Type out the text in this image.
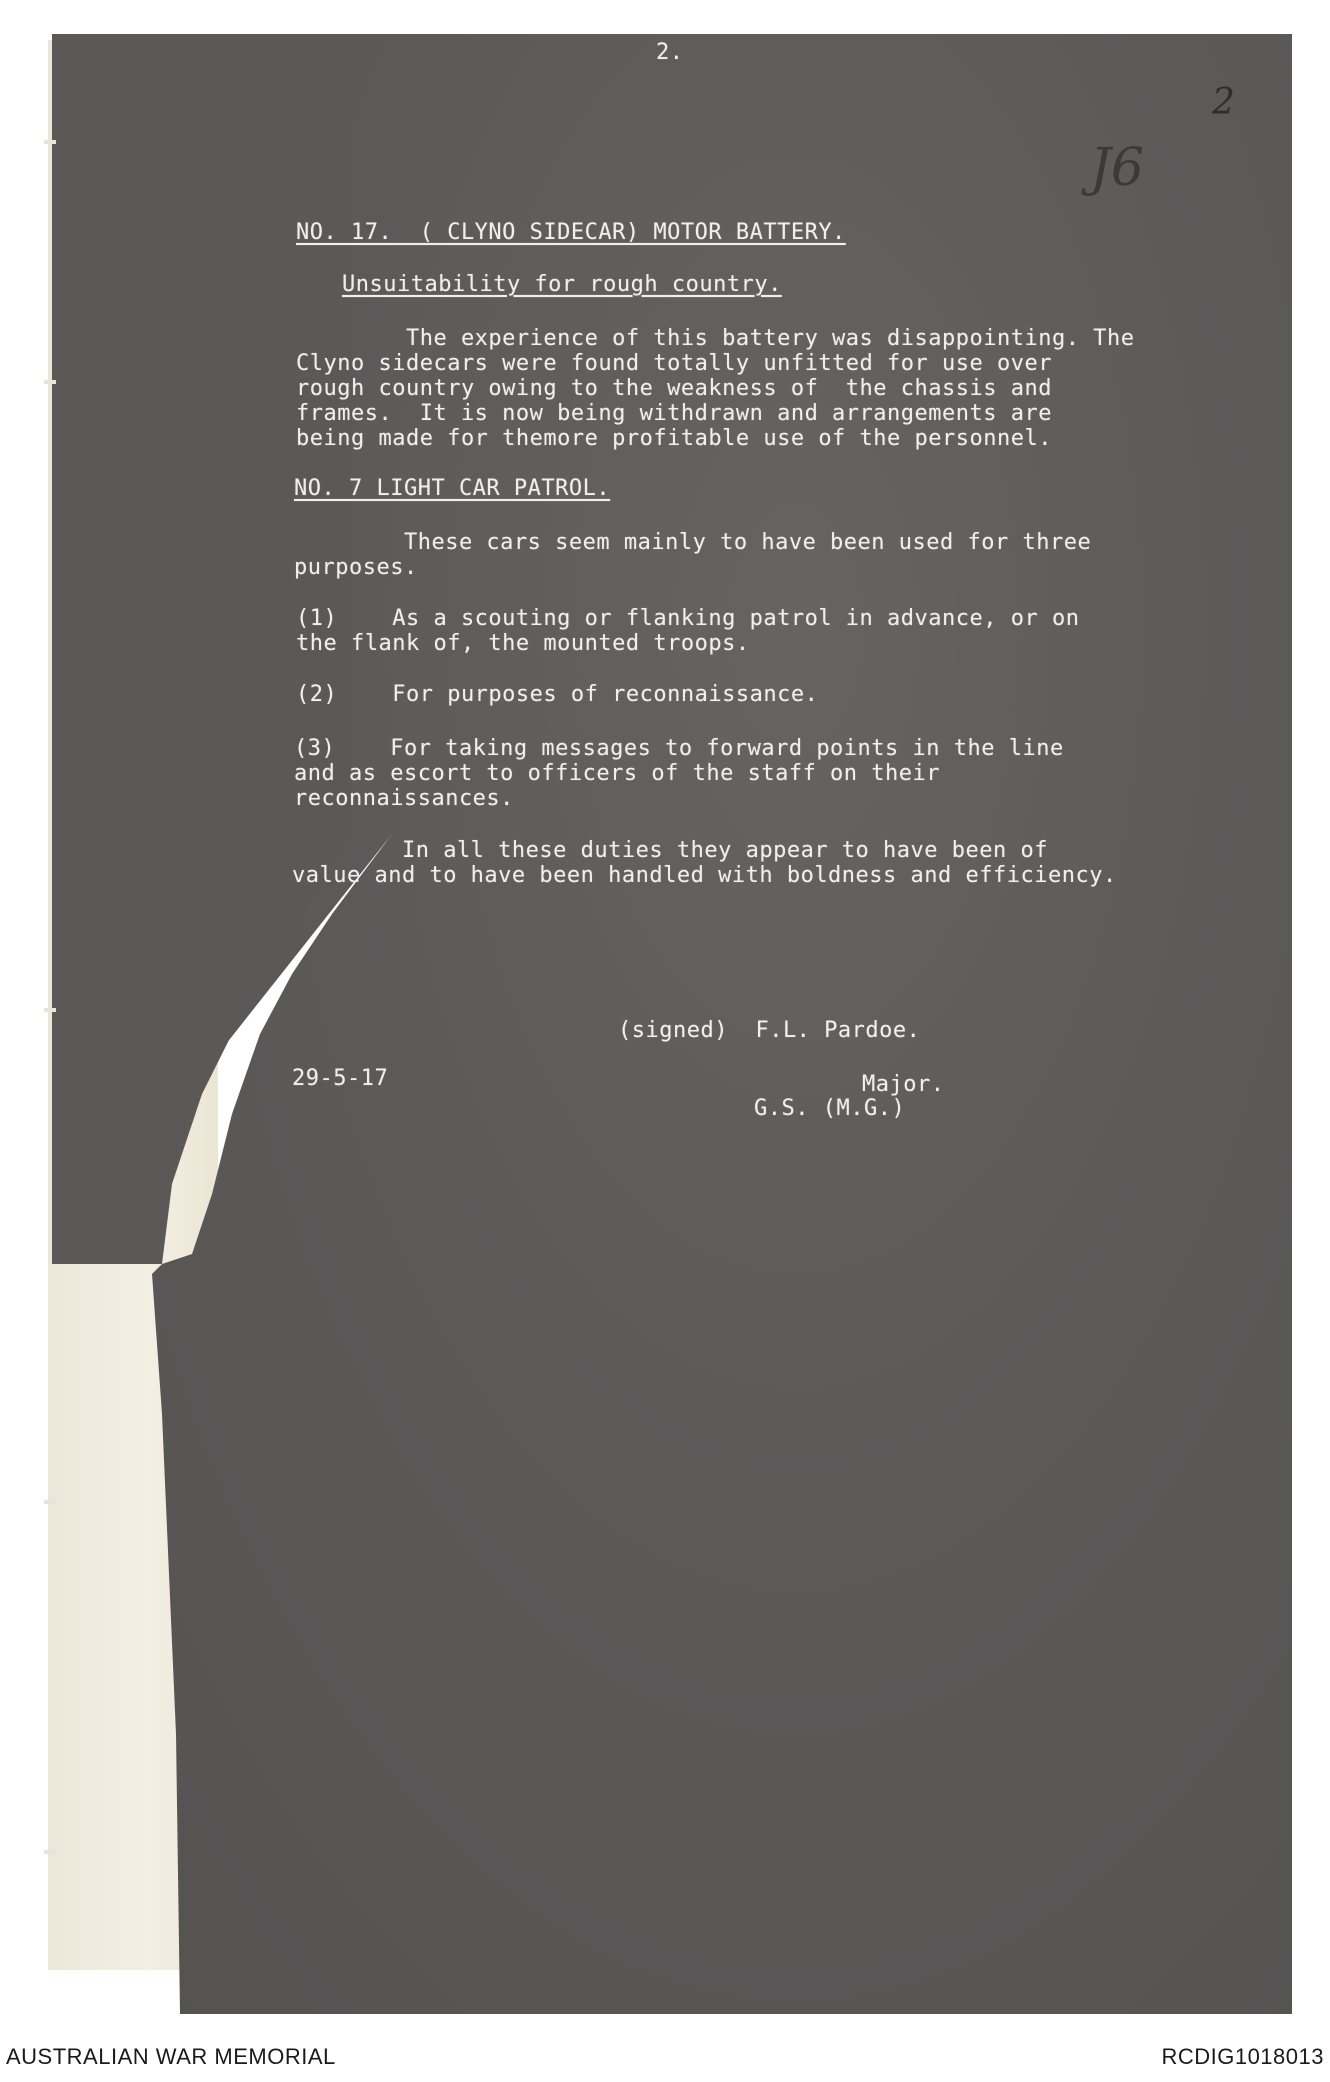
2.
2
J6
NO. 17.  ( CLYNO SIDECAR) MOTOR BATTERY.
Unsuitability for rough country.
The experience of this battery was disappointing. The
Clyno sidecars were found totally unfitted for use over
rough country owing to the weakness of  the chassis and
frames.  It is now being withdrawn and arrangements are
being made for themore profitable use of the personnel.
NO. 7 LIGHT CAR PATROL.
These cars seem mainly to have been used for three
purposes.
(1)    As a scouting or flanking patrol in advance, or on
the flank of, the mounted troops.
(2)    For purposes of reconnaissance.
(3)    For taking messages to forward points in the line
and as escort to officers of the staff on their
reconnaissances.
In all these duties they appear to have been of
value and to have been handled with boldness and efficiency.
(signed)  F.L. Pardoe.
29-5-17	Major.
G.S. (M.G.)
AUSTRALIAN WAR MEMORIAL	RCDIG1018013
